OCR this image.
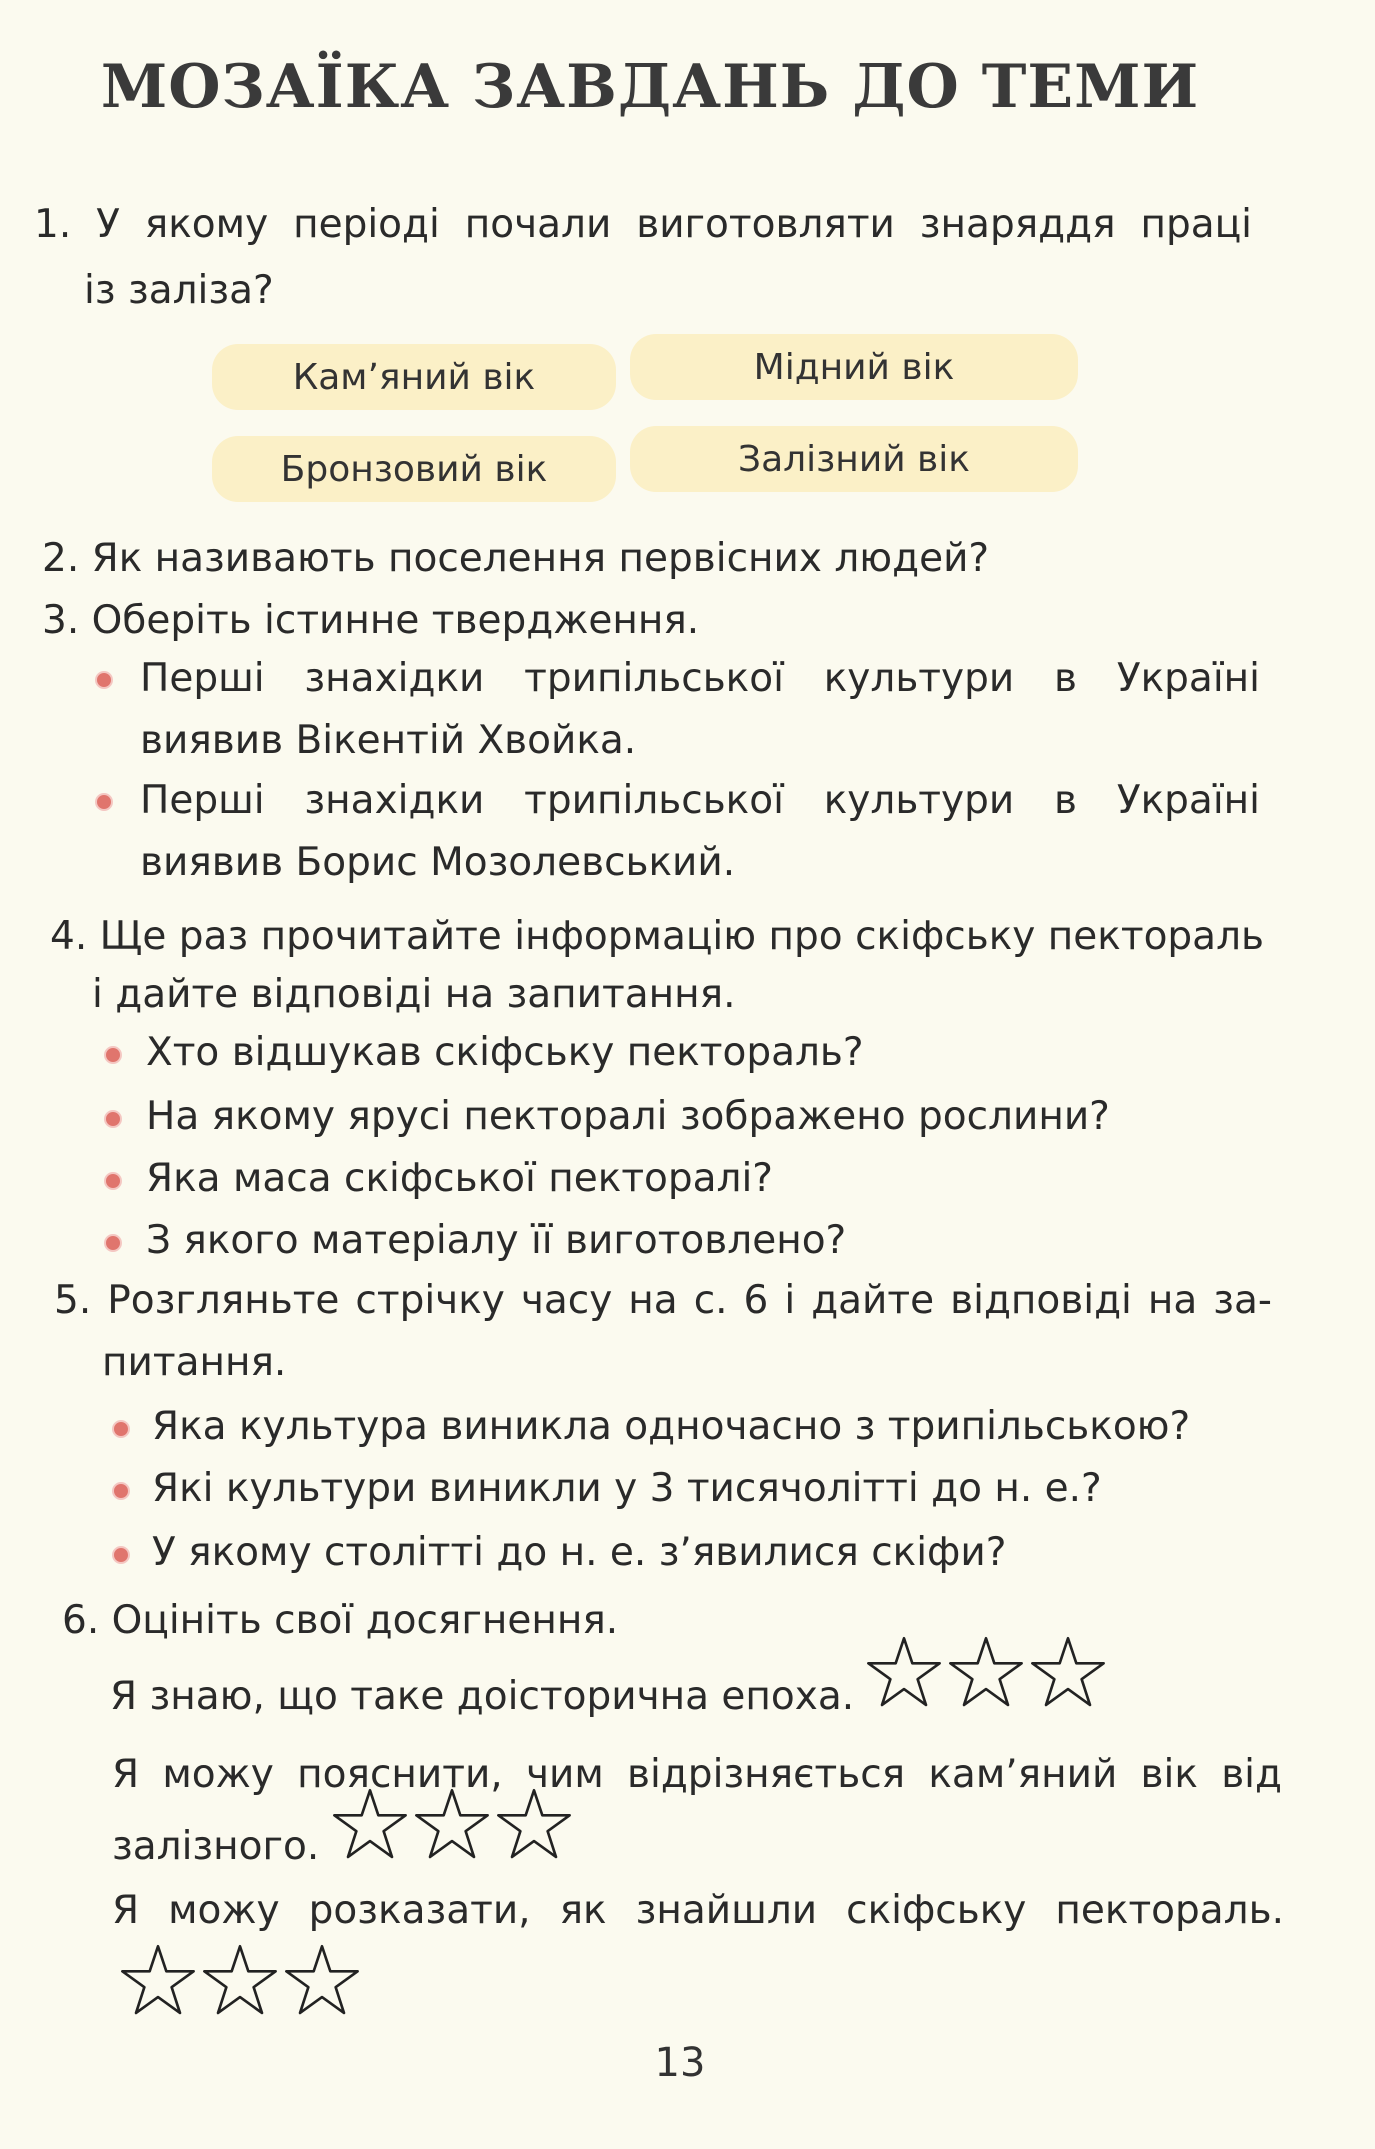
МОЗАЇКА ЗАВДАНЬ ДО ТЕМИ
1. У якому періоді почали виготовляти знаряддя праці
із заліза?
Кам’яний вік	Мідний вік
Бронзовий вік	Залізний вік
2. Як називають поселення первісних людей?
3. Оберіть істинне твердження.
Перші знахідки трипільської культури в Україні
виявив Вікентій Хвойка.
Перші знахідки трипільської культури в Україні
виявив Борис Мозолевський.
4. Ще раз прочитайте інформацію про скіфську пектораль
і дайте відповіді на запитання.
Хто відшукав скіфську пектораль?
На якому ярусі пекторалі зображено рослини?
Яка маса скіфської пекторалі?
З якого матеріалу її виготовлено?
5. Розгляньте стрічку часу на с. 6 і дайте відповіді на за-
питання.
Яка культура виникла одночасно з трипільською?
Які культури виникли у 3 тисячолітті до н. е.?
У якому столітті до н. е. з’явилися скіфи?
6. Оцініть свої досягнення.
Я знаю, що таке доісторична епоха.
Я можу пояснити, чим відрізняється кам’яний вік від
залізного.
Я можу розказати, як знайшли скіфську пектораль.
13
